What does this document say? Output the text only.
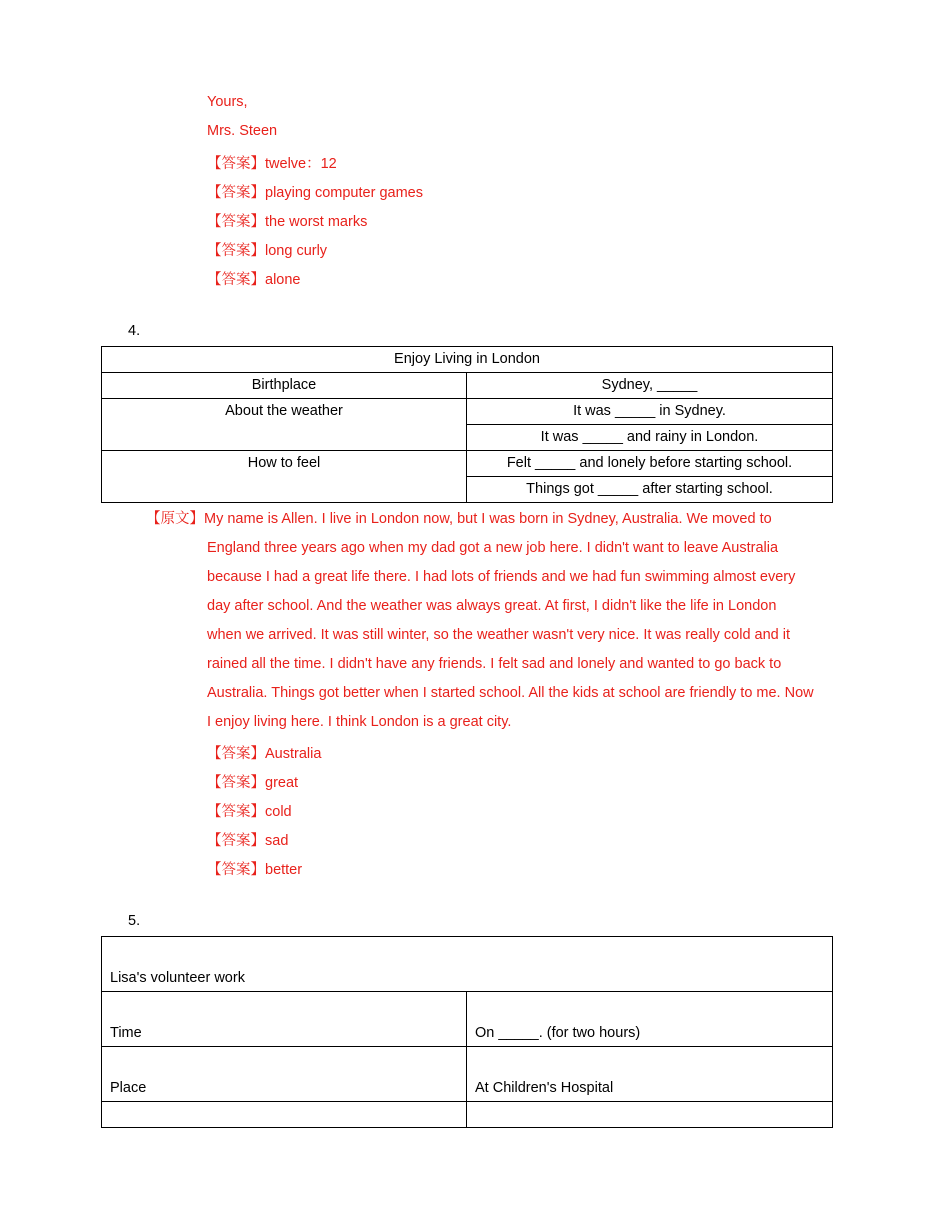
Yours,
Mrs. Steen
【答案】twelve：12
【答案】playing computer games
【答案】the worst marks
【答案】long curly
【答案】alone
4.
Enjoy Living in London	
Birthplace	Sydney, _____
About the weather	It was _____ in Sydney.
	It was _____ and rainy in London.
How to feel	Felt _____ and lonely before starting school.
	Things got _____ after starting school.
【原文】My name is Allen. I live in London now, but I was born in Sydney, Australia. We moved to
England three years ago when my dad got a new job here. I didn't want to leave Australia
because I had a great life there. I had lots of friends and we had fun swimming almost every
day after school. And the weather was always great. At first, I didn't like the life in London
when we arrived. It was still winter, so the weather wasn't very nice. It was really cold and it
rained all the time. I didn't have any friends. I felt sad and lonely and wanted to go back to
Australia. Things got better when I started school. All the kids at school are friendly to me. Now
I enjoy living here. I think London is a great city.
【答案】Australia
【答案】great
【答案】cold
【答案】sad
【答案】better
5.
Lisa's volunteer work	
Time	On _____. (for two hours)
Place	At Children's Hospital
